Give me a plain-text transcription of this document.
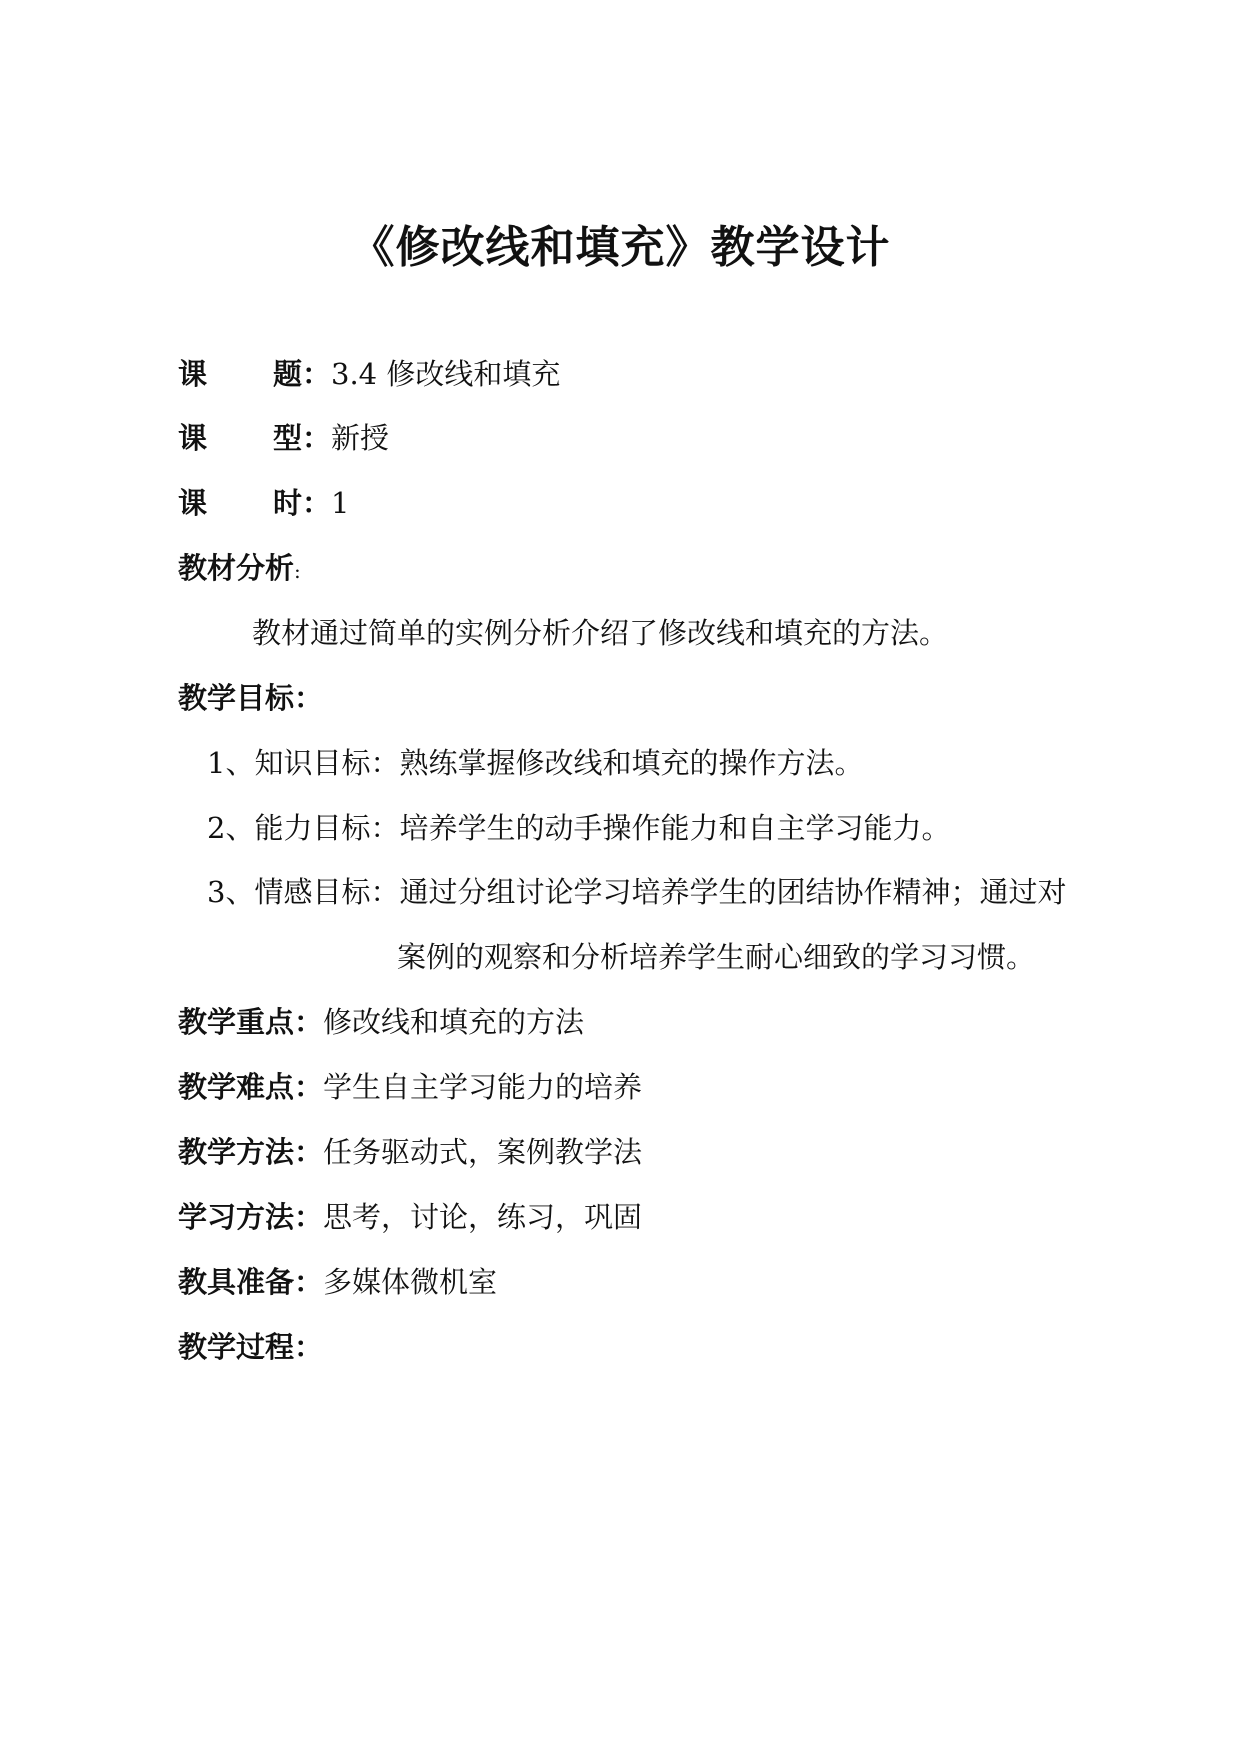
《修改线和填充》教学设计
课题：3.4 修改线和填充
课型：新授
课时：1
教材分析:
教材通过简单的实例分析介绍了修改线和填充的方法。
教学目标：
1、知识目标：熟练掌握修改线和填充的操作方法。
2、能力目标：培养学生的动手操作能力和自主学习能力。
3、情感目标：通过分组讨论学习培养学生的团结协作精神；通过对
案例的观察和分析培养学生耐心细致的学习习惯。
教学重点：修改线和填充的方法
教学难点：学生自主学习能力的培养
教学方法：任务驱动式，案例教学法
学习方法：思考，讨论，练习，巩固
教具准备：多媒体微机室
教学过程：
